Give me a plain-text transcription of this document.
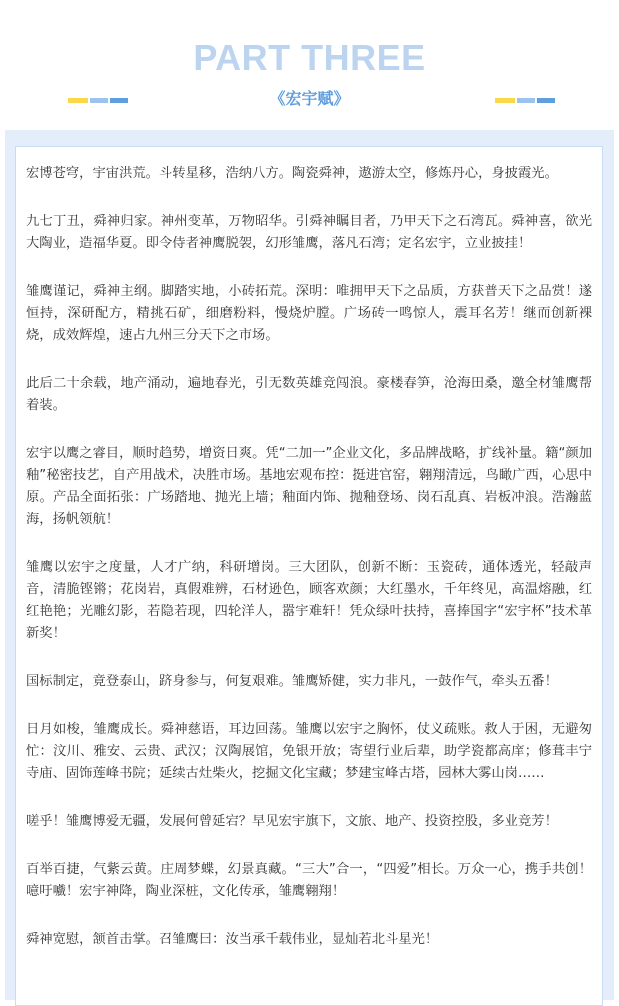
PART THREE
《宏宇赋》

宏博苍穹，宇宙洪荒。斗转星移，浩纳八方。陶瓷舜神，遨游太空，修炼丹心，身披霞光。

九七丁丑，舜神归家。神州变革，万物昭华。引舜神瞩目者，乃甲天下之石湾瓦。舜神喜，欲光大陶业，造福华夏。即令侍者神鹰脱袈，幻形雏鹰，落凡石湾；定名宏宇，立业披挂！

雏鹰谨记，舜神主纲。脚踏实地，小砖拓荒。深明：唯拥甲天下之品质，方获普天下之品赏！遂恒持，深研配方，精挑石矿，细磨粉料，慢烧炉膛。广场砖一鸣惊人，震耳名芳！继而创新裸烧，成效辉煌，速占九州三分天下之市场。

此后二十余载，地产涌动，遍地春光，引无数英雄竞闯浪。豪楼春笋，沧海田桑，邀全材雏鹰帮着装。

宏宇以鹰之睿目，顺时趋势，增资日爽。凭“二加一”企业文化，多品牌战略，扩线补量。籍“颜加釉”秘密技艺，自产用战术，决胜市场。基地宏观布控：挺进官窑，翱翔清远，鸟瞰广西，心思中原。产品全面拓张：广场踏地、抛光上墙；釉面内饰、抛釉登场、岗石乱真、岩板冲浪。浩瀚蓝海，扬帆领航！

雏鹰以宏宇之度量，人才广纳，科研增岗。三大团队，创新不断：玉瓷砖，通体透光，轻敲声音，清脆铿锵；花岗岩，真假难辨，石材逊色，顾客欢颜；大红墨水，千年终见，高温熔融，红红艳艳；光雕幻影，若隐若现，四轮洋人，嚣宇难轩！凭众绿叶扶持，喜捧国字“宏宇杯”技术革新奖！

国标制定，竟登泰山，跻身参与，何复艰难。雏鹰矫健，实力非凡，一鼓作气，牵头五番！

日月如梭，雏鹰成长。舜神慈语，耳边回荡。雏鹰以宏宇之胸怀，仗义疏账。救人于困，无避匆忙：汶川、雅安、云贵、武汉；汉陶展馆，免银开放；寄望行业后辈，助学瓷都高庠；修葺丰宁寺庙、固饰莲峰书院；延续古灶柴火，挖掘文化宝藏；梦建宝峰古塔，园林大雾山岗……

嗟乎！雏鹰博爱无疆，发展何曾延宕？早见宏宇旗下，文旅、地产、投资控股，多业竞芳！

百举百捷，气紫云黄。庄周梦蝶，幻景真藏。“三大”合一，“四爱”相长。万众一心，携手共创！噫吁嚱！宏宇神降，陶业深桩，文化传承，雏鹰翱翔！

舜神宽慰，颔首击掌。召雏鹰曰：汝当承千载伟业，显灿若北斗星光！
